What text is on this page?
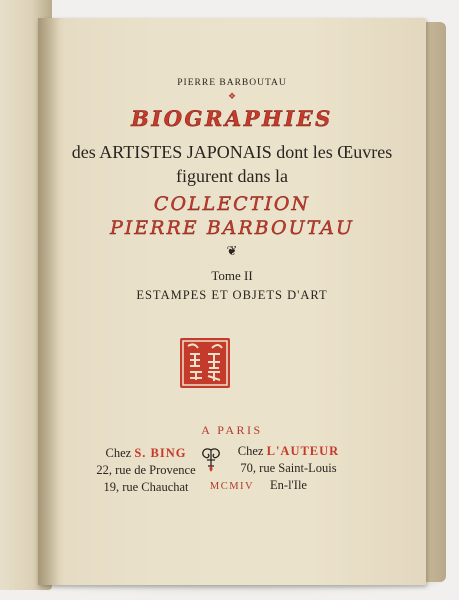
PIERRE BARBOUTAU
❖
BIOGRAPHIES
des ARTISTES JAPONAIS dont les Œuvres
figurent dans la
COLLECTION
PIERRE BARBOUTAU
❦
Tome II
ESTAMPES ET OBJETS D'ART
A PARIS
Chez S. BING
22, rue de Provence
19, rue Chauchat
Chez L'AUTEUR
70, rue Saint-Louis
En-l'Ile
MCMIV
